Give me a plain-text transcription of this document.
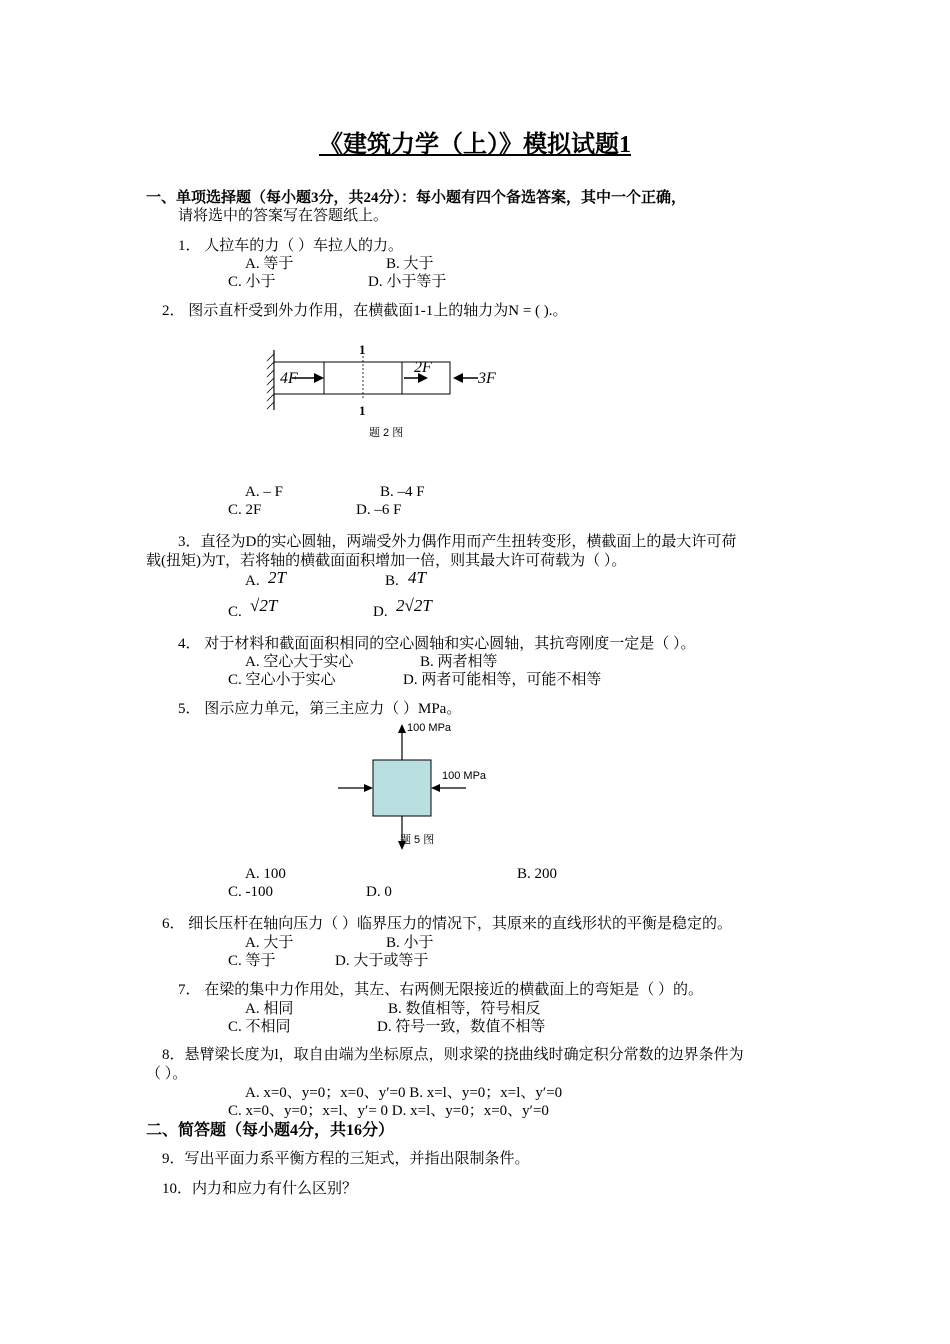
《建筑力学（上）》模拟试题1
一、单项选择题（每小题3分，共24分）：每小题有四个备选答案，其中一个正确，
请将选中的答案写在答题纸上。
1． 人拉车的力（ ）车拉人的力。
A. 等于	B. 大于
C. 小于	D. 小于等于
2． 图示直杆受到外力作用，在横截面1-1上的轴力为N = ( ).。
1
1
4F
2F
3F
题 2 图
A. – F	B. –4 F
C. 2F	D. –6 F
3．直径为D的实心圆轴，两端受外力偶作用而产生扭转变形，横截面上的最大许可荷
载(扭矩)为T，若将轴的横截面面积增加一倍，则其最大许可荷载为（ ）。
A. 2T	B. 4T
C. √2T	D. 2√2T
4． 对于材料和截面面积相同的空心圆轴和实心圆轴，其抗弯刚度一定是（ ）。
A. 空心大于实心	B. 两者相等
C. 空心小于实心	D. 两者可能相等，可能不相等
5． 图示应力单元，第三主应力（ ）MPa。
100 MPa
100 MPa
题 5 图
A. 100	B. 200
C. -100	D. 0
6． 细长压杆在轴向压力（ ）临界压力的情况下，其原来的直线形状的平衡是稳定的。
A. 大于	B. 小于
C. 等于	D. 大于或等于
7． 在梁的集中力作用处，其左、右两侧无限接近的横截面上的弯矩是（ ）的。
A. 相同	B. 数值相等，符号相反
C. 不相同	D. 符号一致，数值不相等
8．悬臂梁长度为l，取自由端为坐标原点，则求梁的挠曲线时确定积分常数的边界条件为
（ ）。
A. x=0、y=0；x=0、y′=0 B. x=l、y=0；x=l、y′=0
C. x=0、y=0；x=l、y′= 0 D. x=l、y=0；x=0、y′=0
二、简答题（每小题4分，共16分）
9．写出平面力系平衡方程的三矩式，并指出限制条件。
10．内力和应力有什么区别？
